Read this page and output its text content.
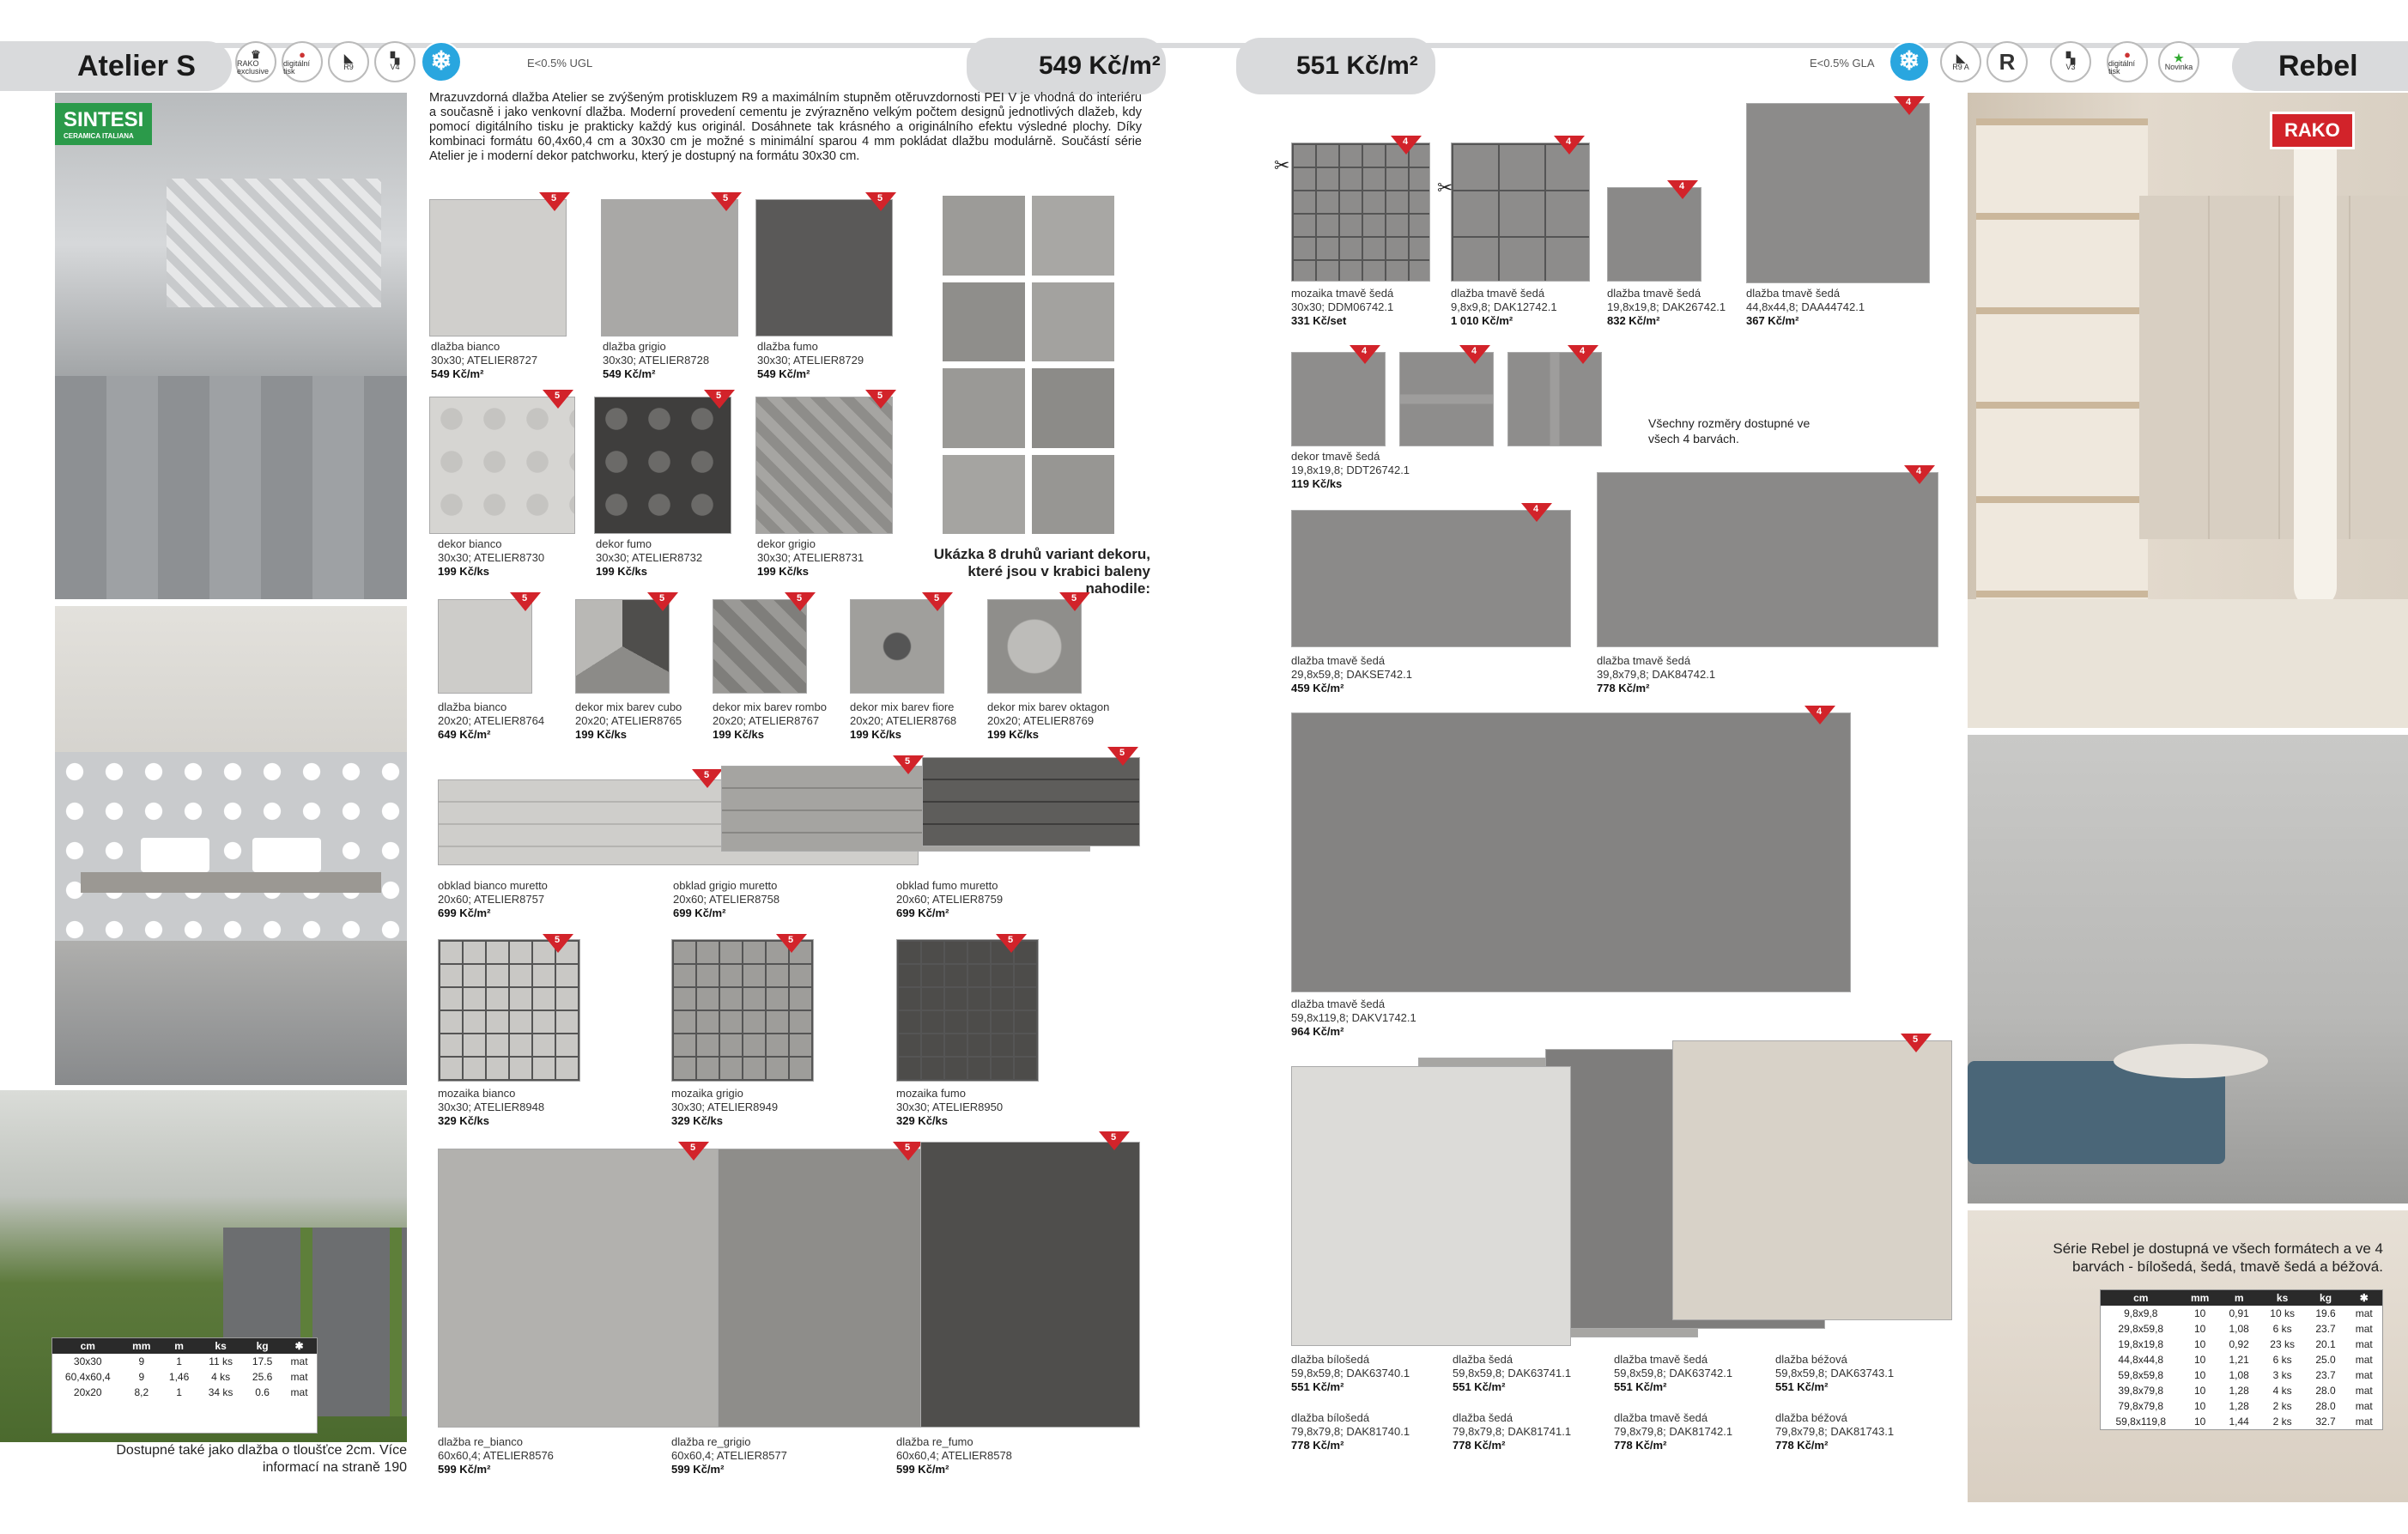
Atelier S	♛
RAKO exclusive
●
digitální tisk
◣
R9
▚
V4	❄	E<0.5% UGL	549 Kč/m²	551 Kč/m²	E<0.5% GLA ❄	◣
R9 A	R	▚
V3
●
digitální tisk
★
Novinka	Rebel
SINTESI
CERAMICA ITALIANA
cm	mm	m	ks	kg	✱
30x30	9	1	11 ks	17.5	mat
60,4x60,4	9	1,46	4 ks	25.6	mat
20x20	8,2	1	34 ks	0.6	mat
Dostupné také jako dlažba o tloušťce 2cm. Více informací na straně 190
Mrazuvzdorná dlažba Atelier se zvýšeným protiskluzem R9 a maximálním stupněm otěruvzdornosti PEI V je vhodná do interiéru a současně i jako venkovní dlažba. Moderní provedení cementu je zvýrazněno velkým počtem designů jednotlivých dlažeb, kdy pomocí digitálního tisku je prakticky každý kus originál. Dosáhnete tak krásného a originálního efektu výsledné plochy. Díky kombinaci formátu 60,4x60,4 cm a 30x30 cm je možné s minimální sparou 4 mm pokládat dlažbu modulárně. Součástí série Atelier je i moderní dekor patchworku, který je dostupný na formátu 30x30 cm.
5
dlažba bianco
30x30; ATELIER8727
549 Kč/m²
5
dlažba grigio
30x30; ATELIER8728
549 Kč/m²
5
dlažba fumo
30x30; ATELIER8729
549 Kč/m²
5
dekor bianco
30x30; ATELIER8730
199 Kč/ks
5
dekor fumo
30x30; ATELIER8732
199 Kč/ks
5
dekor grigio
30x30; ATELIER8731
199 Kč/ks
Ukázka 8 druhů variant dekoru, které jsou v krabici baleny nahodile:
5
dlažba bianco
20x20; ATELIER8764
649 Kč/m²
5
dekor mix barev cubo
20x20; ATELIER8765
199 Kč/ks
5
dekor mix barev rombo
20x20; ATELIER8767
199 Kč/ks
5
dekor mix barev fiore
20x20; ATELIER8768
199 Kč/ks
5
dekor mix barev oktagon
20x20; ATELIER8769
199 Kč/ks
5
5
5
obklad bianco muretto
20x60; ATELIER8757
699 Kč/m²
obklad grigio muretto
20x60; ATELIER8758
699 Kč/m²
obklad fumo muretto
20x60; ATELIER8759
699 Kč/m²
5
mozaika bianco
30x30; ATELIER8948
329 Kč/ks
5
mozaika grigio
30x30; ATELIER8949
329 Kč/ks
5
mozaika fumo
30x30; ATELIER8950
329 Kč/ks
5	5
5
dlažba re_bianco
60x60,4; ATELIER8576
599 Kč/m²
dlažba re_grigio
60x60,4; ATELIER8577
599 Kč/m²
dlažba re_fumo
60x60,4; ATELIER8578
599 Kč/m²
4
✂
mozaika tmavě šedá
30x30; DDM06742.1
331 Kč/set
4
✂
dlažba tmavě šedá
9,8x9,8; DAK12742.1
1 010 Kč/m²
4
dlažba tmavě šedá
19,8x19,8; DAK26742.1
832 Kč/m²
4
dlažba tmavě šedá
44,8x44,8; DAA44742.1
367 Kč/m²
4	4	4
dekor tmavě šedá
19,8x19,8; DDT26742.1
119 Kč/ks
Všechny rozměry dostupné ve všech 4 barvách.
4
dlažba tmavě šedá
29,8x59,8; DAKSE742.1
459 Kč/m²
4
dlažba tmavě šedá
39,8x79,8; DAK84742.1
778 Kč/m²
4
dlažba tmavě šedá
59,8x119,8; DAKV1742.1
964 Kč/m²
5
dlažba bílošedá
59,8x59,8; DAK63740.1
551 Kč/m²
dlažba šedá
59,8x59,8; DAK63741.1
551 Kč/m²
dlažba tmavě šedá
59,8x59,8; DAK63742.1
551 Kč/m²
dlažba béžová
59,8x59,8; DAK63743.1
551 Kč/m²
dlažba bílošedá
79,8x79,8; DAK81740.1
778 Kč/m²
dlažba šedá
79,8x79,8; DAK81741.1
778 Kč/m²
dlažba tmavě šedá
79,8x79,8; DAK81742.1
778 Kč/m²
dlažba béžová
79,8x79,8; DAK81743.1
778 Kč/m²
RAKO
Série Rebel je dostupná ve všech formátech a ve 4 barvách - bílošedá, šedá, tmavě šedá a béžová.
cm	mm	m	ks	kg	✱
9,8x9,8	10	0,91	10 ks	19.6	mat
29,8x59,8	10	1,08	6 ks	23.7	mat
19,8x19,8	10	0,92	23 ks	20.1	mat
44,8x44,8	10	1,21	6 ks	25.0	mat
59,8x59,8	10	1,08	3 ks	23.7	mat
39,8x79,8	10	1,28	4 ks	28.0	mat
79,8x79,8	10	1,28	2 ks	28.0	mat
59,8x119,8	10	1,44	2 ks	32.7	mat
